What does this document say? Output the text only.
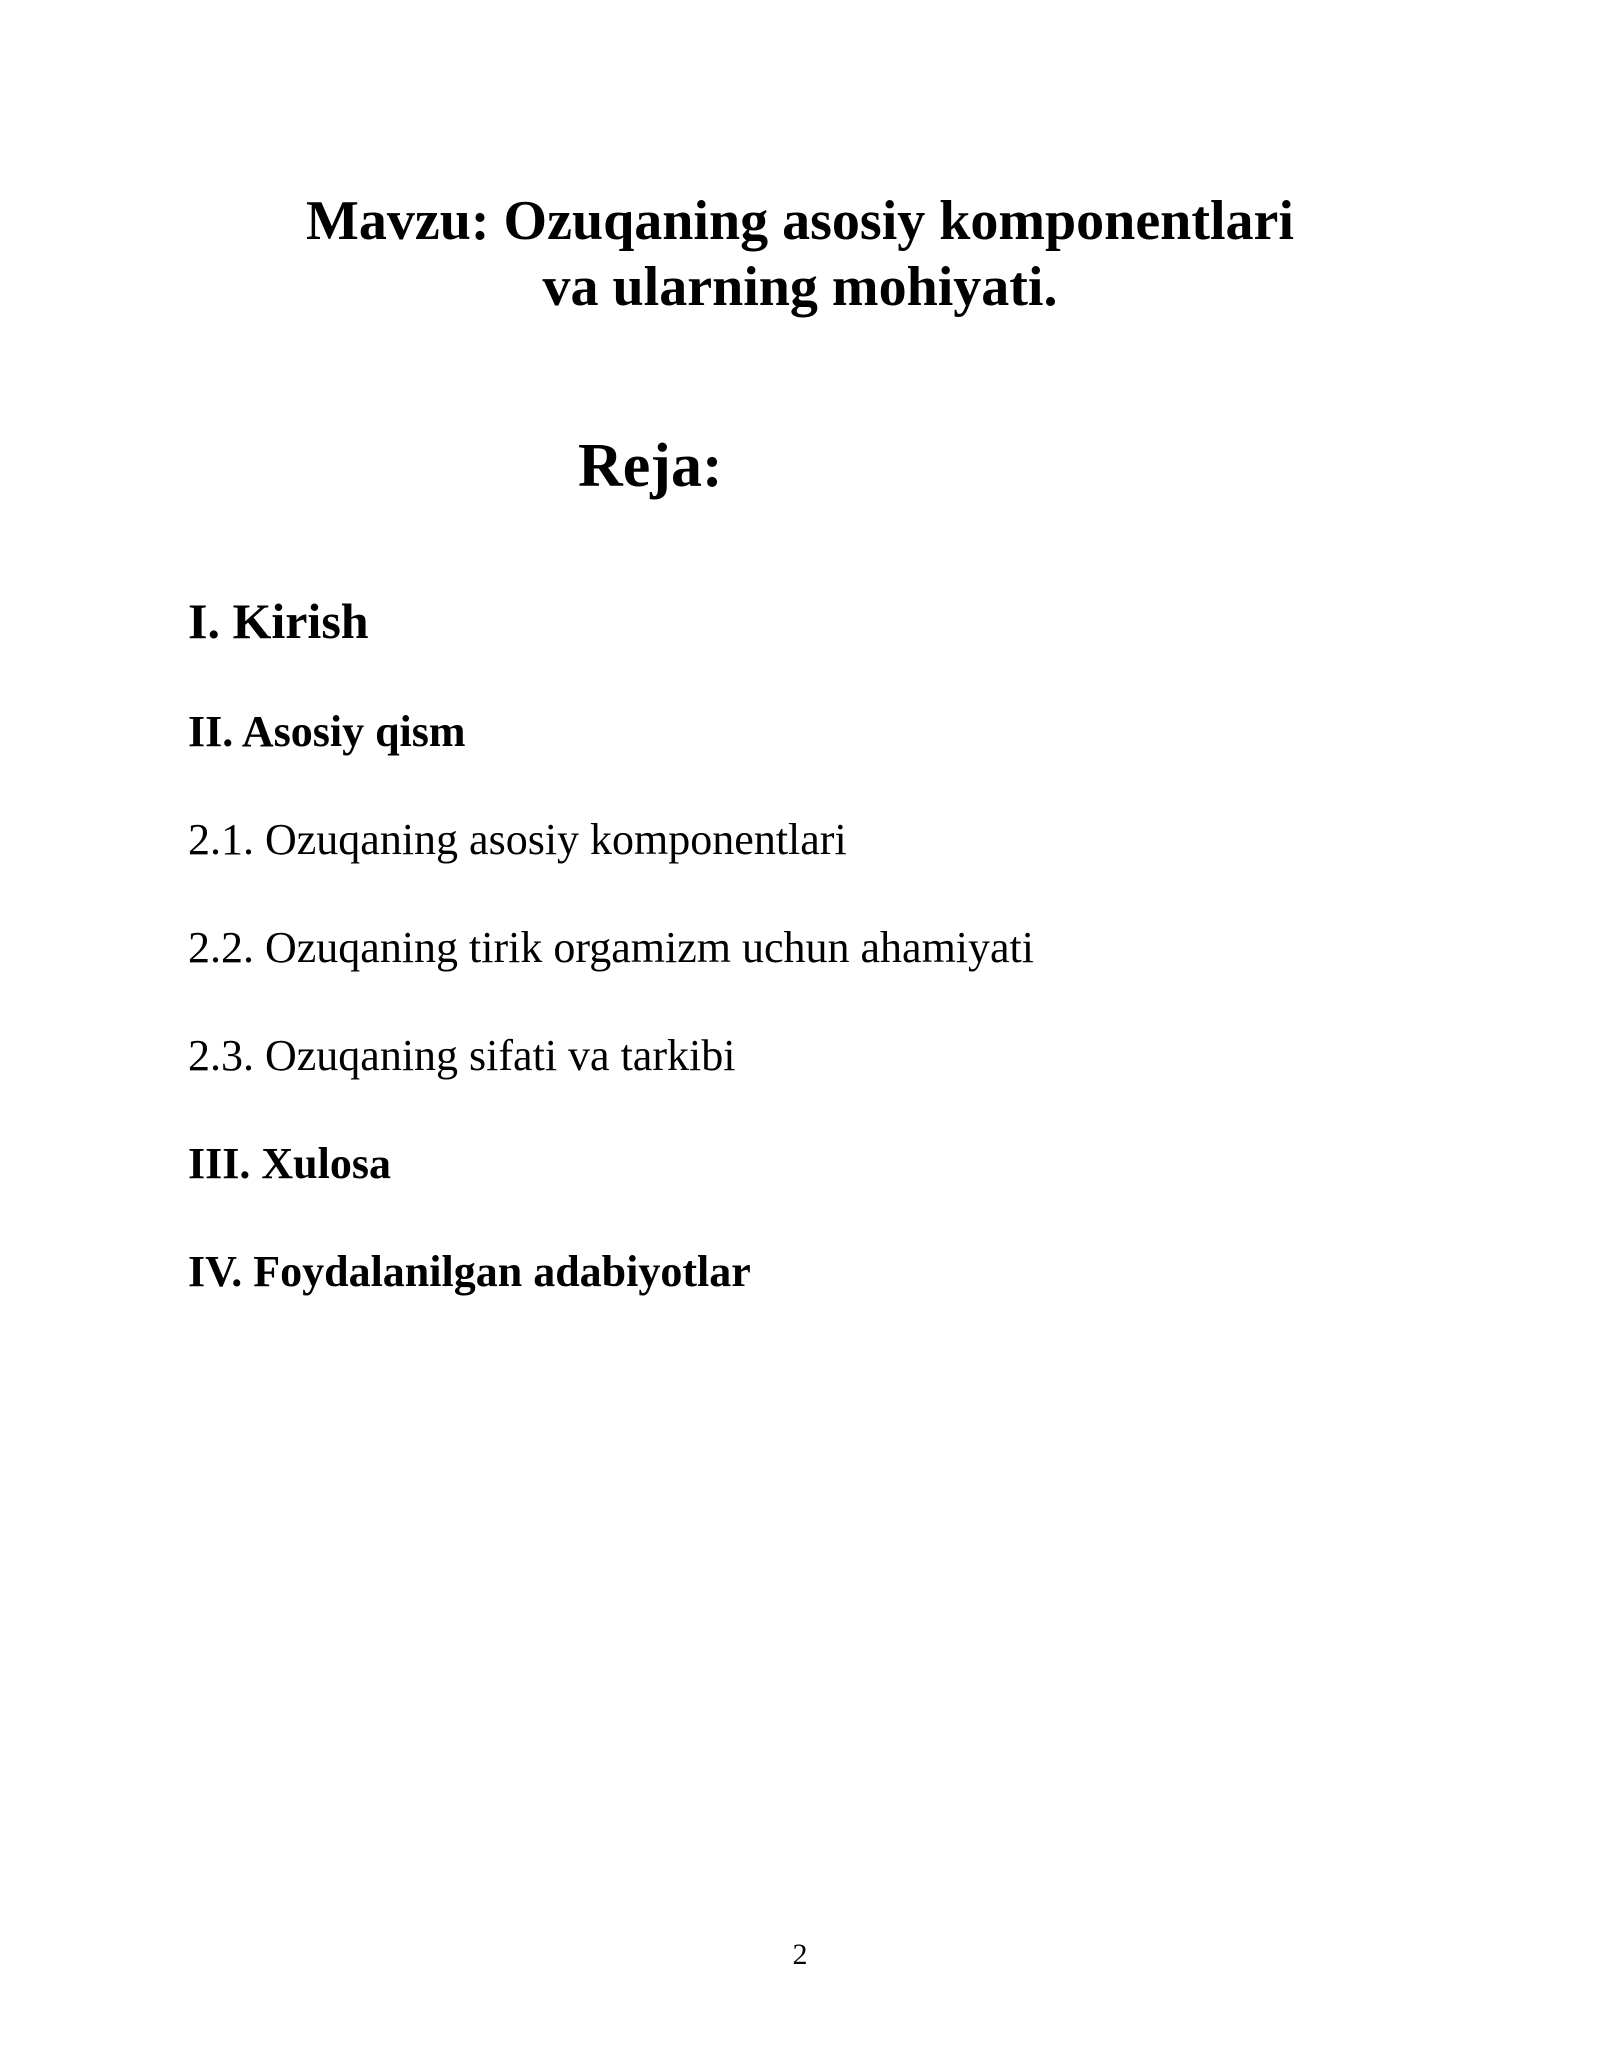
Mavzu: Ozuqaning asosiy komponentlari
va ularning mohiyati.
Reja:
I. Kirish
II. Asosiy qism
2.1. Ozuqaning asosiy komponentlari
2.2. Ozuqaning tirik orgamizm uchun ahamiyati
2.3. Ozuqaning sifati va tarkibi
III. Xulosa
IV. Foydalanilgan adabiyotlar
2
